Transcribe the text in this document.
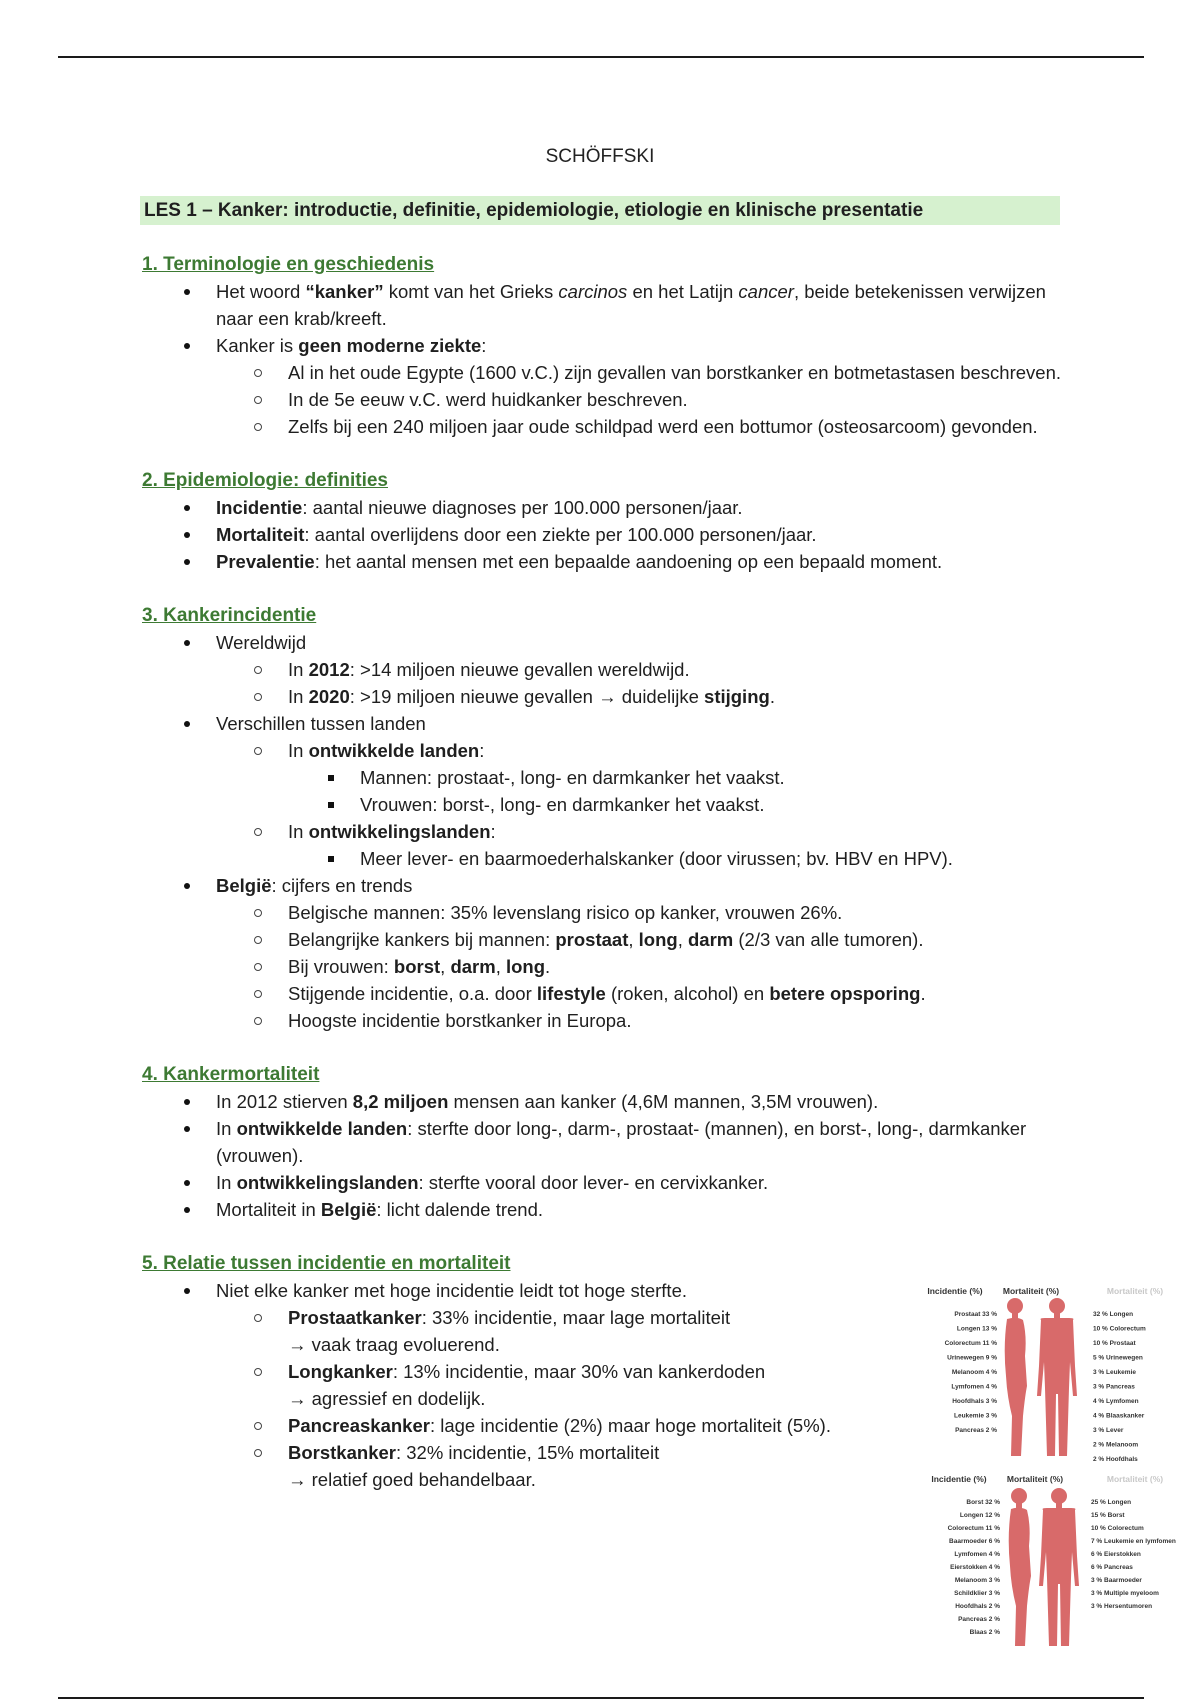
SCHÖFFSKI
LES 1 – Kanker: introductie, definitie, epidemiologie, etiologie en klinische presentatie
1. Terminologie en geschiedenis
Het woord “kanker” komt van het Grieks carcinos en het Latijn cancer, beide betekenissen verwijzen naar een krab/kreeft.
Kanker is geen moderne ziekte:
Al in het oude Egypte (1600 v.C.) zijn gevallen van borstkanker en botmetastasen beschreven.
In de 5e eeuw v.C. werd huidkanker beschreven.
Zelfs bij een 240 miljoen jaar oude schildpad werd een bottumor (osteosarcoom) gevonden.
2. Epidemiologie: definities
Incidentie: aantal nieuwe diagnoses per 100.000 personen/jaar.
Mortaliteit: aantal overlijdens door een ziekte per 100.000 personen/jaar.
Prevalentie: het aantal mensen met een bepaalde aandoening op een bepaald moment.
3. Kankerincidentie
Wereldwijd
In 2012: >14 miljoen nieuwe gevallen wereldwijd.
In 2020: >19 miljoen nieuwe gevallen → duidelijke stijging.
Verschillen tussen landen
In ontwikkelde landen:
Mannen: prostaat-, long- en darmkanker het vaakst.
Vrouwen: borst-, long- en darmkanker het vaakst.
In ontwikkelingslanden:
Meer lever- en baarmoederhalskanker (door virussen; bv. HBV en HPV).
België: cijfers en trends
Belgische mannen: 35% levenslang risico op kanker, vrouwen 26%.
Belangrijke kankers bij mannen: prostaat, long, darm (2/3 van alle tumoren).
Bij vrouwen: borst, darm, long.
Stijgende incidentie, o.a. door lifestyle (roken, alcohol) en betere opsporing.
Hoogste incidentie borstkanker in Europa.
4. Kankermortaliteit
In 2012 stierven 8,2 miljoen mensen aan kanker (4,6M mannen, 3,5M vrouwen).
In ontwikkelde landen: sterfte door long-, darm-, prostaat- (mannen), en borst-, long-, darmkanker (vrouwen).
In ontwikkelingslanden: sterfte vooral door lever- en cervixkanker.
Mortaliteit in België: licht dalende trend.
5. Relatie tussen incidentie en mortaliteit
Niet elke kanker met hoge incidentie leidt tot hoge sterfte.
Prostaatkanker: 33% incidentie, maar lage mortaliteit
→ vaak traag evoluerend.
Longkanker: 13% incidentie, maar 30% van kankerdoden
→ agressief en dodelijk.
Pancreaskanker: lage incidentie (2%) maar hoge mortaliteit (5%).
Borstkanker: 32% incidentie, 15% mortaliteit
→ relatief goed behandelbaar.
Incidentie (%) Mortaliteit (%)	Mortaliteit (%)
Prostaat 33 %
Longen 13 %
Colorectum 11 %
Urinewegen 9 %
Melanoom 4 %
Lymfomen 4 %
Hoofdhals 3 %
Leukemie 3 %
Pancreas 2 %
32 % Longen
10 % Colorectum
10 % Prostaat
5 % Urinewegen
3 % Leukemie
3 % Pancreas
4 % Lymfomen
4 % Blaaskanker
3 % Lever
2 % Melanoom
2 % Hoofdhals
Incidentie (%) Mortaliteit (%)	Mortaliteit (%)
Borst 32 %
Longen 12 %
Colorectum 11 %
Baarmoeder 6 %
Lymfomen 4 %
Eierstokken 4 %
Melanoom 3 %
Schildklier 3 %
Hoofdhals 2 %
Pancreas 2 %
Blaas 2 %
25 % Longen
15 % Borst
10 % Colorectum
7 % Leukemie en lymfomen
6 % Eierstokken
6 % Pancreas
3 % Baarmoeder
3 % Multiple myeloom
3 % Hersentumoren
